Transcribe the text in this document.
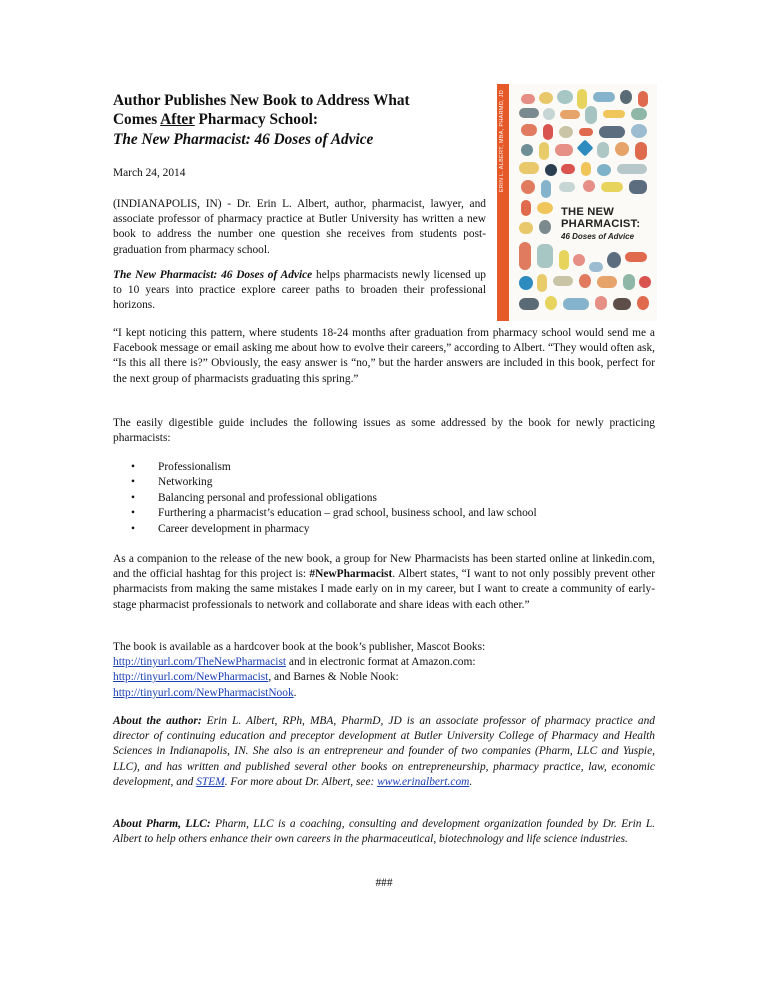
Author Publishes New Book to Address What
Comes After Pharmacy School:
The New Pharmacist: 46 Doses of Advice

March 24, 2014

(INDIANAPOLIS, IN) - Dr. Erin L. Albert, author, pharmacist, lawyer, and associate professor of pharmacy practice at Butler University has written a new book to address the number one question she receives from students post-graduation from pharmacy school.

The New Pharmacist: 46 Doses of Advice helps pharmacists newly licensed up to 10 years into practice explore career paths to broaden their professional horizons.

“I kept noticing this pattern, where students 18-24 months after graduation from pharmacy school would send me a Facebook message or email asking me about how to evolve their careers,” according to Albert. “They would often ask, “Is this all there is?” Obviously, the easy answer is “no,” but the harder answers are included in this book, perfect for the next group of pharmacists graduating this spring.”

The easily digestible guide includes the following issues as some addressed by the book for newly practicing pharmacists:

• Professionalism
• Networking
• Balancing personal and professional obligations
• Furthering a pharmacist’s education – grad school, business school, and law school
• Career development in pharmacy

As a companion to the release of the new book, a group for New Pharmacists has been started online at linkedin.com, and the official hashtag for this project is: #NewPharmacist. Albert states, “I want to not only possibly prevent other pharmacists from making the same mistakes I made early on in my career, but I want to create a community of early-stage pharmacist professionals to network and collaborate and share ideas with each other.”

The book is available as a hardcover book at the book’s publisher, Mascot Books:
http://tinyurl.com/TheNewPharmacist and in electronic format at Amazon.com:
http://tinyurl.com/NewPharmacist, and Barnes & Noble Nook:
http://tinyurl.com/NewPharmacistNook.

About the author: Erin L. Albert, RPh, MBA, PharmD, JD is an associate professor of pharmacy practice and director of continuing education and preceptor development at Butler University College of Pharmacy and Health Sciences in Indianapolis, IN. She also is an entrepreneur and founder of two companies (Pharm, LLC and Yuspie, LLC), and has written and published several other books on entrepreneurship, pharmacy practice, law, economic development, and STEM. For more about Dr. Albert, see: www.erinalbert.com.

About Pharm, LLC: Pharm, LLC is a coaching, consulting and development organization founded by Dr. Erin L. Albert to help others enhance their own careers in the pharmaceutical, biotechnology and life science industries.

###
ERIN L. ALBERT, MBA, PHARMD, JD
THE NEW
PHARMACIST:
46 Doses of Advice
